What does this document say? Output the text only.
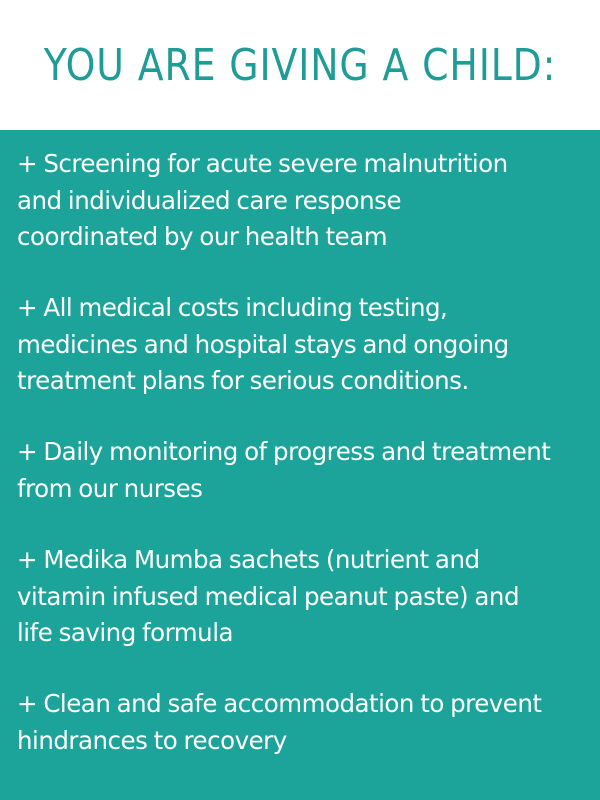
YOU ARE GIVING A CHILD:
+ Screening for acute severe malnutrition
and individualized care response
coordinated by our health team
+ All medical costs including testing,
medicines and hospital stays and ongoing
treatment plans for serious conditions.
+ Daily monitoring of progress and treatment
from our nurses
+ Medika Mumba sachets (nutrient and
vitamin infused medical peanut paste) and
life saving formula
+ Clean and safe accommodation to prevent
hindrances to recovery
